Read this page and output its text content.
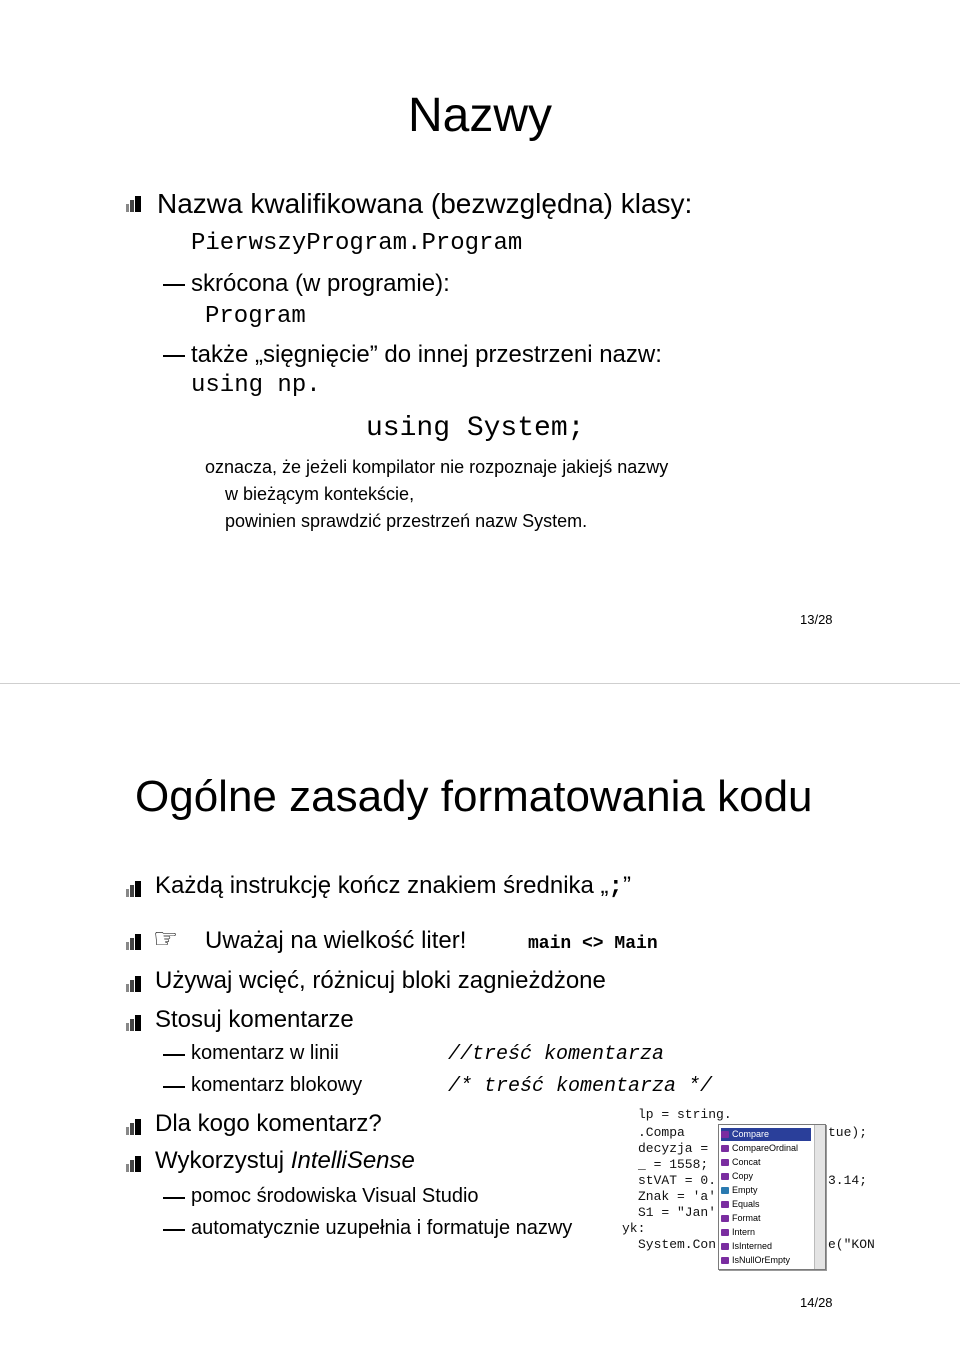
Nazwy
Nazwa kwalifikowana (bezwzględna) klasy:
PierwszyProgram.Program
skrócona (w programie):
Program
także „sięgnięcie” do innej przestrzeni nazw:
using np.
using System;
oznacza, że jeżeli kompilator nie rozpoznaje jakiejś nazwy
w bieżącym kontekście,
powinien sprawdzić przestrzeń nazw System.
13/28
Ogólne zasady formatowania kodu
Każdą instrukcję kończ znakiem średnika „;”
☞ Uważaj na wielkość liter!	main <> Main
Używaj wcięć, różnicuj bloki zagnieżdżone
Stosuj komentarze
komentarz w linii	//treść komentarza
komentarz blokowy	/* treść komentarza */
Dla kogo komentarz?
Wykorzystuj IntelliSense
pomoc środowiska Visual Studio
automatycznie uzupełnia i formatuje nazwy
lp = string.
.Compa
decyzja =
_ = 1558;
stVAT = 0.
Znak = 'a'
S1 = "Jan'
yk:
System.Con
tue);
3.14;
e("KON
Compare
CompareOrdinal
Concat
Copy
Empty
Equals
Format
Intern
IsInterned
IsNullOrEmpty
14/28
